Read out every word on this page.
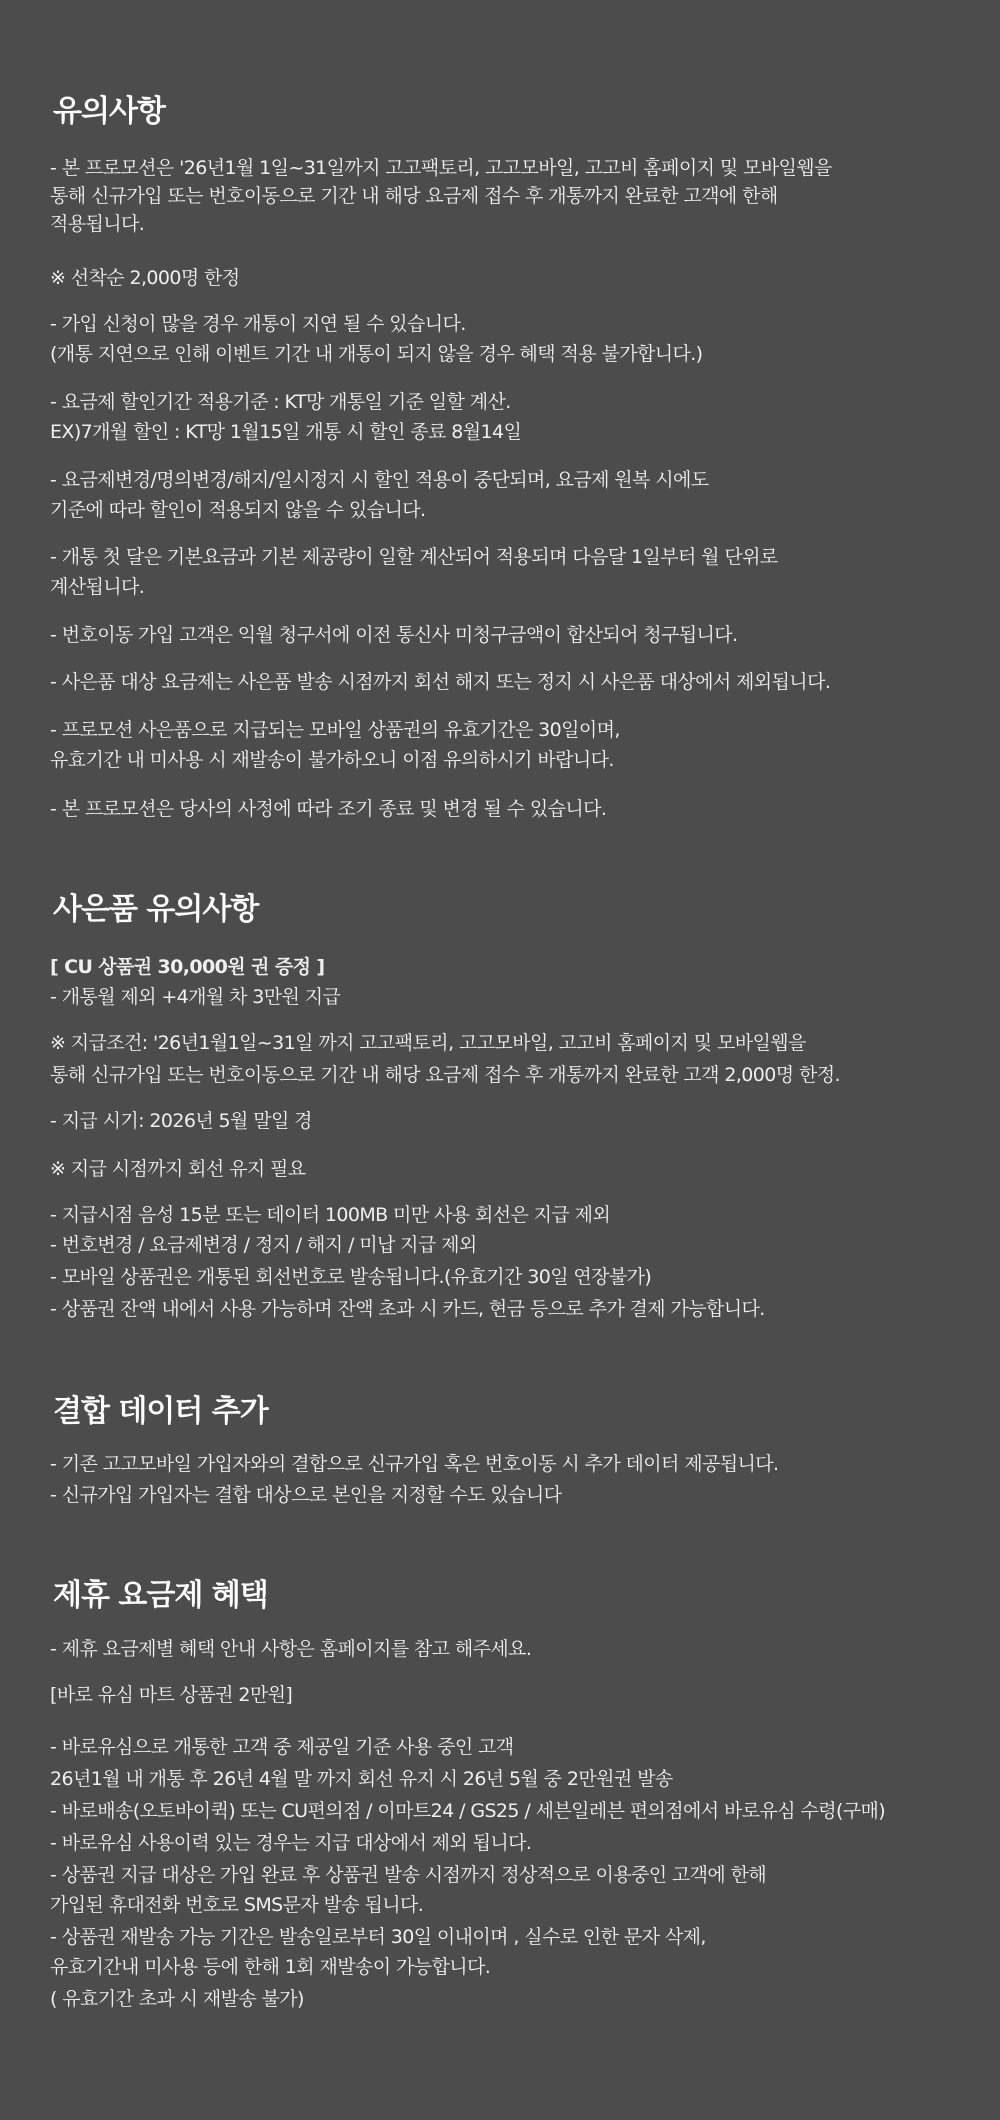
유의사항

- 본 프로모션은 '26년1월 1일~31일까지 고고팩토리, 고고모바일, 고고비 홈페이지 및 모바일웹을

통해 신규가입 또는 번호이동으로 기간 내 해당 요금제 접수 후 개통까지 완료한 고객에 한해

적용됩니다.

※ 선착순 2,000명 한정

- 가입 신청이 많을 경우 개통이 지연 될 수 있습니다.

(개통 지연으로 인해 이벤트 기간 내 개통이 되지 않을 경우 혜택 적용 불가합니다.)

- 요금제 할인기간 적용기준 : KT망 개통일 기준 일할 계산.

EX)7개월 할인 : KT망 1월15일 개통 시 할인 종료 8월14일

- 요금제변경/명의변경/해지/일시정지 시 할인 적용이 중단되며, 요금제 원복 시에도

기준에 따라 할인이 적용되지 않을 수 있습니다.

- 개통 첫 달은 기본요금과 기본 제공량이 일할 계산되어 적용되며 다음달 1일부터 월 단위로

계산됩니다.

- 번호이동 가입 고객은 익월 청구서에 이전 통신사 미청구금액이 합산되어 청구됩니다.

- 사은품 대상 요금제는 사은품 발송 시점까지 회선 해지 또는 정지 시 사은품 대상에서 제외됩니다.

- 프로모션 사은품으로 지급되는 모바일 상품권의 유효기간은 30일이며,

유효기간 내 미사용 시 재발송이 불가하오니 이점 유의하시기 바랍니다.

- 본 프로모션은 당사의 사정에 따라 조기 종료 및 변경 될 수 있습니다.

사은품 유의사항

[ CU 상품권 30,000원 권 증정 ]

- 개통월 제외 +4개월 차 3만원 지급

※ 지급조건: '26년1월1일~31일 까지 고고팩토리, 고고모바일, 고고비 홈페이지 및 모바일웹을

통해 신규가입 또는 번호이동으로 기간 내 해당 요금제 접수 후 개통까지 완료한 고객 2,000명 한정.

- 지급 시기: 2026년 5월 말일 경

※ 지급 시점까지 회선 유지 필요

- 지급시점 음성 15분 또는 데이터 100MB 미만 사용 회선은 지급 제외

- 번호변경 / 요금제변경 / 정지 / 해지 / 미납 지급 제외

- 모바일 상품권은 개통된 회선번호로 발송됩니다.(유효기간 30일 연장불가)

- 상품권 잔액 내에서 사용 가능하며 잔액 초과 시 카드, 현금 등으로 추가 결제 가능합니다.

결합 데이터 추가

- 기존 고고모바일 가입자와의 결합으로 신규가입 혹은 번호이동 시 추가 데이터 제공됩니다.

- 신규가입 가입자는 결합 대상으로 본인을 지정할 수도 있습니다

제휴 요금제 혜택

- 제휴 요금제별 혜택 안내 사항은 홈페이지를 참고 해주세요.

[바로 유심 마트 상품권 2만원]

- 바로유심으로 개통한 고객 중 제공일 기준 사용 중인 고객

26년1월 내 개통 후 26년 4월 말 까지 회선 유지 시 26년 5월 중 2만원권 발송

- 바로배송(오토바이퀵) 또는 CU편의점 / 이마트24 / GS25 / 세븐일레븐 편의점에서 바로유심 수령(구매)

- 바로유심 사용이력 있는 경우는 지급 대상에서 제외 됩니다.

- 상품권 지급 대상은 가입 완료 후 상품권 발송 시점까지 정상적으로 이용중인 고객에 한해

가입된 휴대전화 번호로 SMS문자 발송 됩니다.

- 상품권 재발송 가능 기간은 발송일로부터 30일 이내이며 , 실수로 인한 문자 삭제,

유효기간내 미사용 등에 한해 1회 재발송이 가능합니다.

( 유효기간 초과 시 재발송 불가)
